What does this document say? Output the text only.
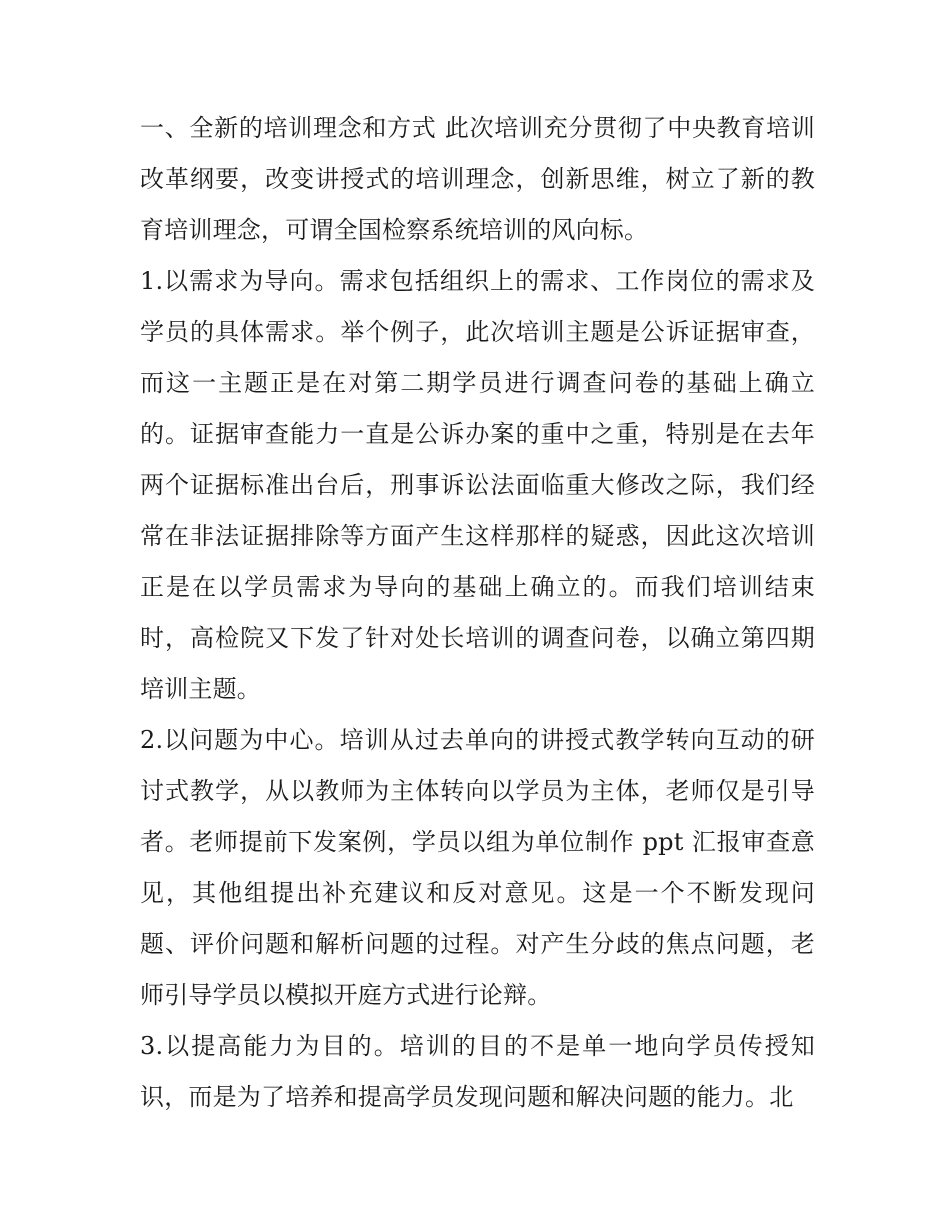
一、全新的培训理念和方式 此次培训充分贯彻了中央教育培训改革纲要，改变讲授式的培训理念，创新思维，树立了新的教育培训理念，可谓全国检察系统培训的风向标。

1.以需求为导向。需求包括组织上的需求、工作岗位的需求及学员的具体需求。举个例子，此次培训主题是公诉证据审查，而这一主题正是在对第二期学员进行调查问卷的基础上确立的。证据审查能力一直是公诉办案的重中之重，特别是在去年两个证据标准出台后，刑事诉讼法面临重大修改之际，我们经常在非法证据排除等方面产生这样那样的疑惑，因此这次培训正是在以学员需求为导向的基础上确立的。而我们培训结束时，高检院又下发了针对处长培训的调查问卷，以确立第四期培训主题。

2.以问题为中心。培训从过去单向的讲授式教学转向互动的研讨式教学，从以教师为主体转向以学员为主体，老师仅是引导者。老师提前下发案例，学员以组为单位制作 ppt 汇报审查意见，其他组提出补充建议和反对意见。这是一个不断发现问题、评价问题和解析问题的过程。对产生分歧的焦点问题，老师引导学员以模拟开庭方式进行论辩。

3.以提高能力为目的。培训的目的不是单一地向学员传授知识，而是为了培养和提高学员发现问题和解决问题的能力。北
